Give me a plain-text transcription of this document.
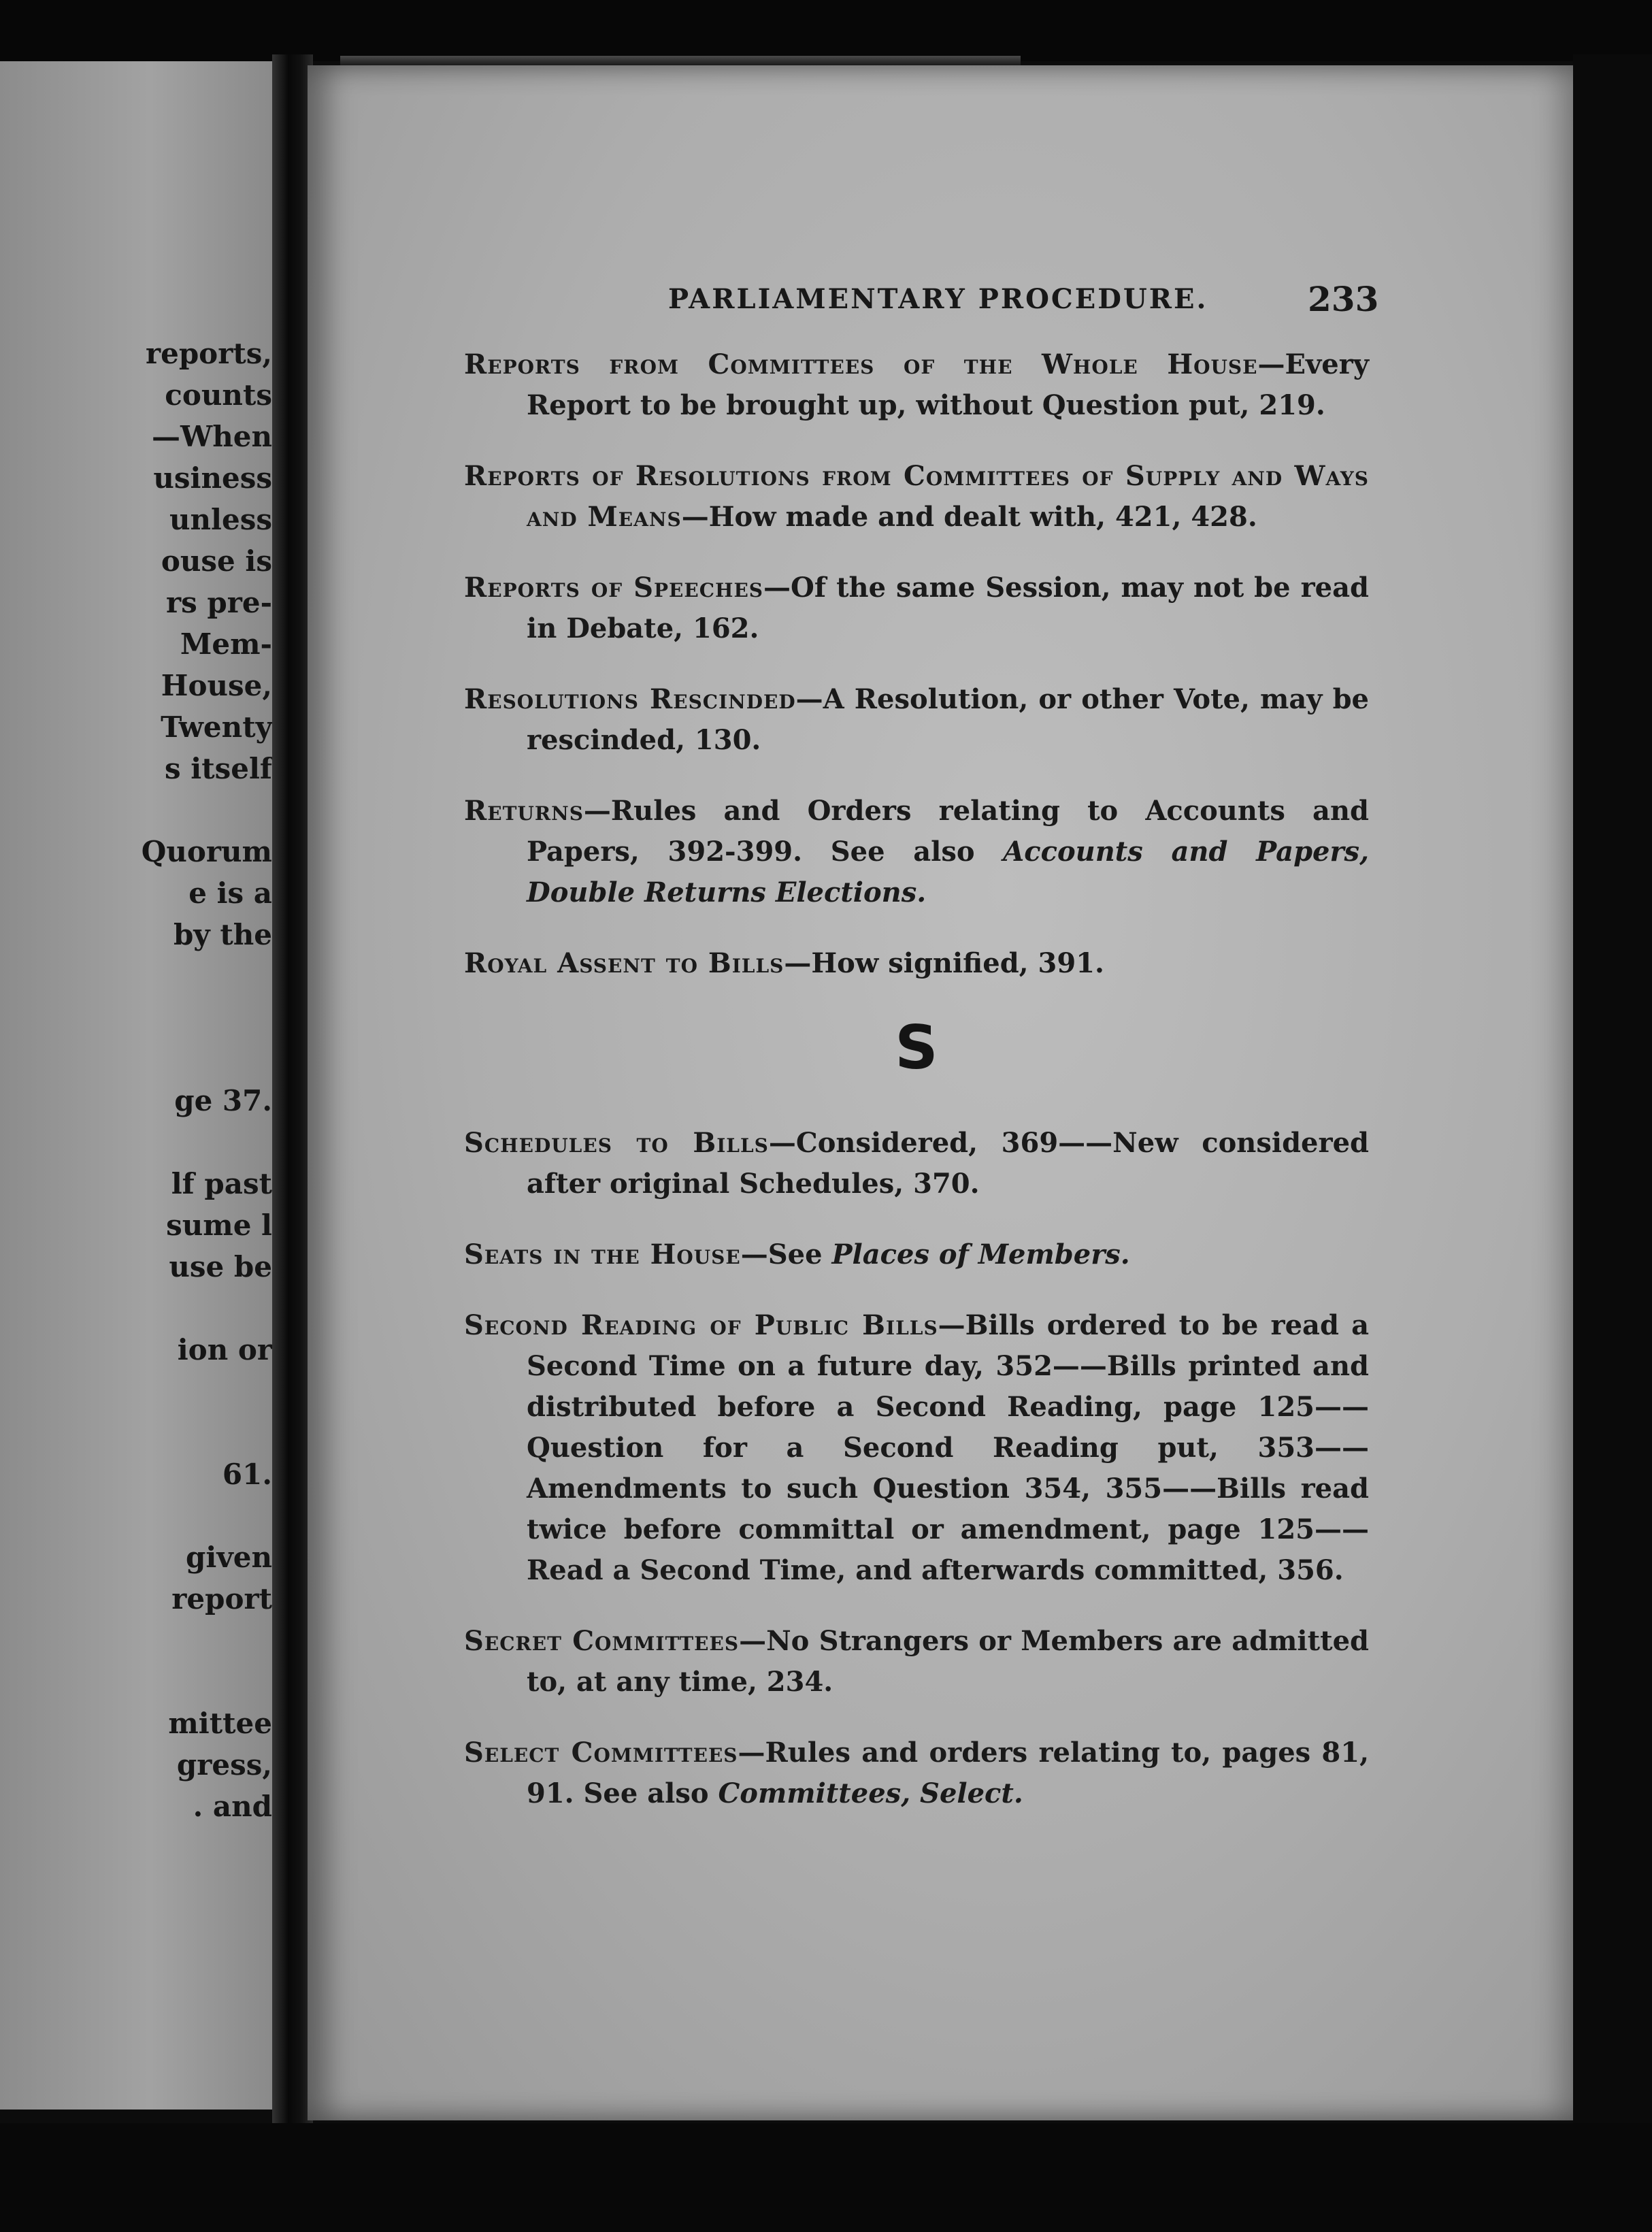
reports,
counts
—When
usiness
unless
ouse is
rs pre-
Mem-
House,
Twenty
s itself
Quorum
e is a
by the
ge 37.
lf past
sume l
use be
ion or
61.
given
report
mittee
gress,
. and
PARLIAMENTARY PROCEDURE.	233
Reports from Committees of the Whole House—Every Report to be brought up, without Question put, 219.
Reports of Resolutions from Committees of Supply and Ways and Means—How made and dealt with, 421, 428.
Reports of Speeches—Of the same Session, may not be read in Debate, 162.
Resolutions Rescinded—A Resolution, or other Vote, may be rescinded, 130.
Returns—Rules and Orders relating to Accounts and Papers, 392-399. See also Accounts and Papers, Double Returns Elections.
Royal Assent to Bills—How signified, 391.
S
Schedules to Bills—Considered, 369——New considered after original Schedules, 370.
Seats in the House—See Places of Members.
Second Reading of Public Bills—Bills ordered to be read a Second Time on a future day, 352——Bills printed and distributed before a Second Reading, page 125——Question for a Second Reading put, 353——Amendments to such Question 354, 355——Bills read twice before committal or amendment, page 125——Read a Second Time, and afterwards committed, 356.
Secret Committees—No Strangers or Members are admitted to, at any time, 234.
Select Committees—Rules and orders relating to, pages 81, 91. See also Committees, Select.
